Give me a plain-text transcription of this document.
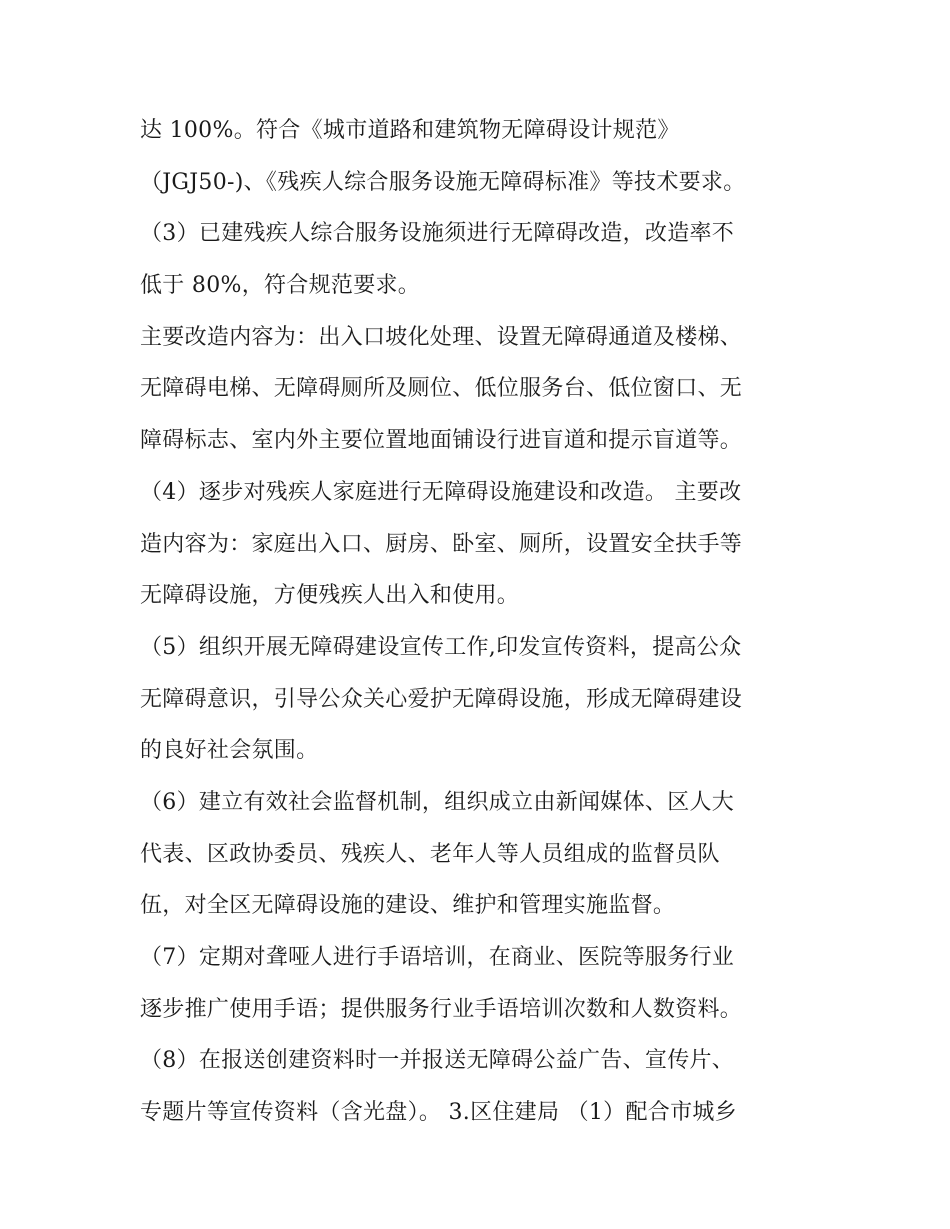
达 100%。符合《城市道路和建筑物无障碍设计规范》
（JGJ50-)、《残疾人综合服务设施无障碍标准》等技术要求。
（3）已建残疾人综合服务设施须进行无障碍改造，改造率不
低于 80%，符合规范要求。
主要改造内容为：出入口坡化处理、设置无障碍通道及楼梯、
无障碍电梯、无障碍厕所及厕位、低位服务台、低位窗口、无
障碍标志、室内外主要位置地面铺设行进盲道和提示盲道等。
（4）逐步对残疾人家庭进行无障碍设施建设和改造。 主要改
造内容为：家庭出入口、厨房、卧室、厕所，设置安全扶手等
无障碍设施，方便残疾人出入和使用。
（5）组织开展无障碍建设宣传工作,印发宣传资料，提高公众
无障碍意识，引导公众关心爱护无障碍设施，形成无障碍建设
的良好社会氛围。
（6）建立有效社会监督机制，组织成立由新闻媒体、区人大
代表、区政协委员、残疾人、老年人等人员组成的监督员队
伍，对全区无障碍设施的建设、维护和管理实施监督。
（7）定期对聋哑人进行手语培训，在商业、医院等服务行业
逐步推广使用手语；提供服务行业手语培训次数和人数资料。
（8）在报送创建资料时一并报送无障碍公益广告、宣传片、
专题片等宣传资料（含光盘）。 3.区住建局 （1）配合市城乡
